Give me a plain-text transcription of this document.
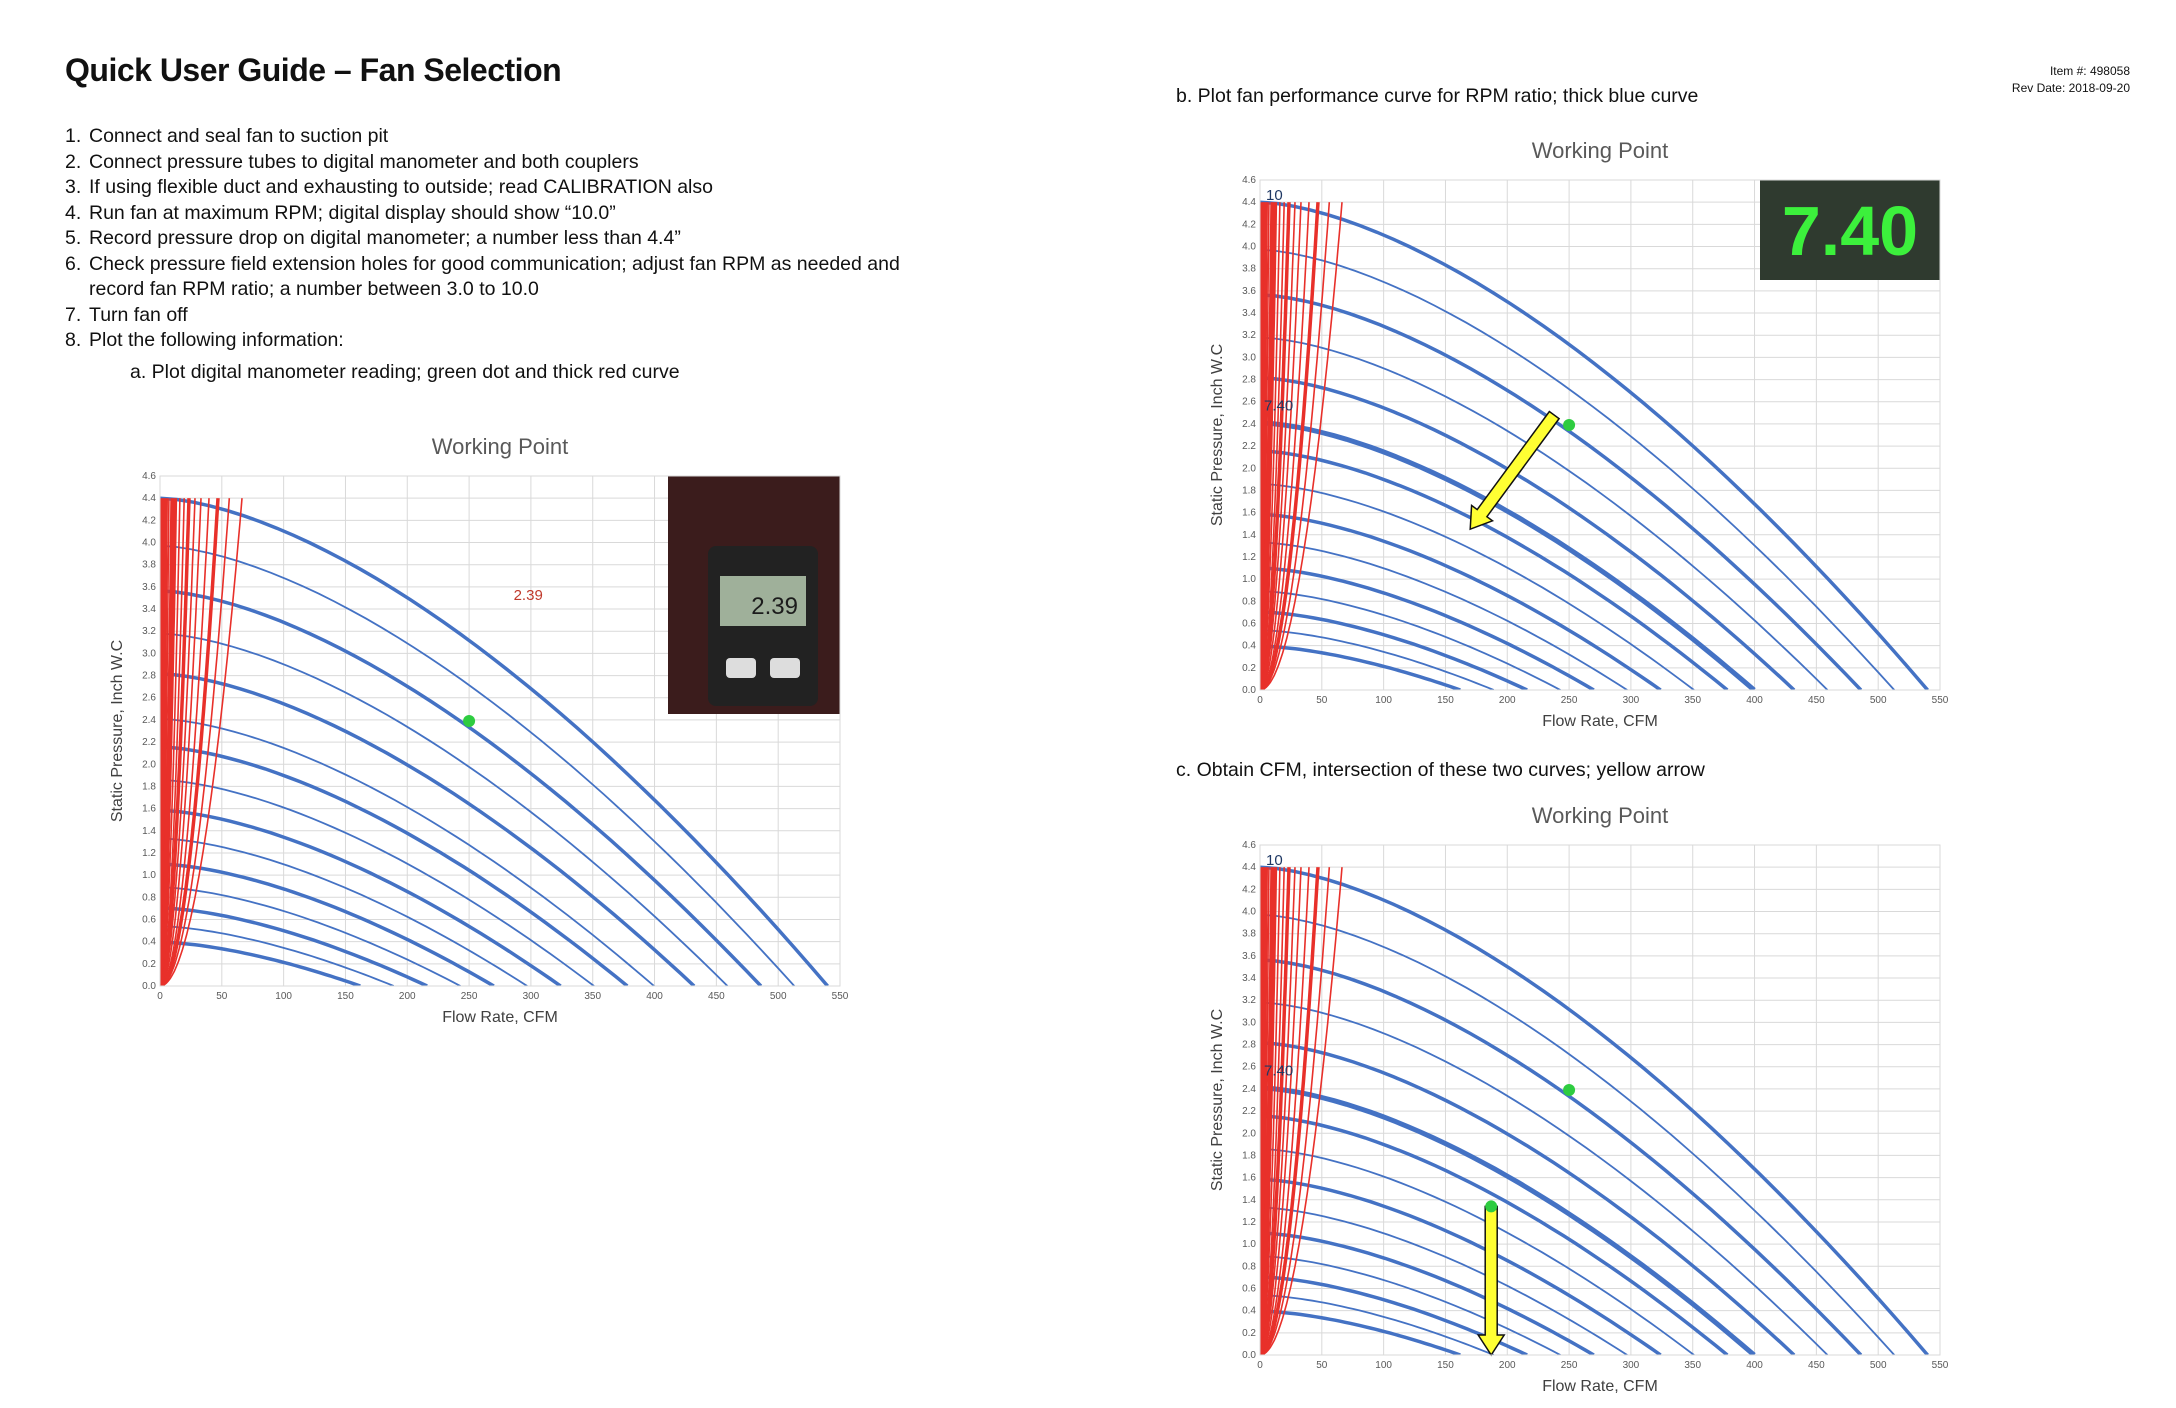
Quick User Guide – Fan Selection	Item #: 498058
Rev Date: 2018-09-20
1. Connect and seal fan to suction pit
2. Connect pressure tubes to digital manometer and both couplers
3. If using flexible duct and exhausting to outside; read CALIBRATION also
4. Run fan at maximum RPM; digital display should show “10.0”
5. Record pressure drop on digital manometer; a number less than 4.4”
6. Check pressure field extension holes for good communication; adjust fan RPM as needed and record fan RPM ratio; a number between 3.0 to 10.0
7. Turn fan off
8. Plot the following information:
a. Plot digital manometer reading; green dot and thick red curve
b. Plot fan performance curve for RPM ratio; thick blue curve
c. Obtain CFM, intersection of these two curves; yellow arrow
Working Point
0	50	100	150	200	250	300	350	400	450	500	550
0.0
0.2
0.4
0.6
0.8
1.0
1.2
1.4
1.6
1.8
2.0
2.2
2.4
2.6
2.8
3.0
3.2
3.4
3.6
3.8
4.0
4.2
4.4
4.6
Flow Rate, CFM
Static Pressure, Inch W.C
2.39	2.39
Working Point
0	50	100	150	200	250	300	350	400	450	500	550
0.0
0.2
0.4
0.6
0.8
1.0
1.2
1.4
1.6
1.8
2.0
2.2
2.4
2.6
2.8
3.0
3.2
3.4
3.6
3.8
4.0
4.2
4.4
4.6
Flow Rate, CFM
Static Pressure, Inch W.C
10
7.40
7.40
Working Point
0	50	100	150	200	250	300	350	400	450	500	550
0.0
0.2
0.4
0.6
0.8
1.0
1.2
1.4
1.6
1.8
2.0
2.2
2.4
2.6
2.8
3.0
3.2
3.4
3.6
3.8
4.0
4.2
4.4
4.6
Flow Rate, CFM
Static Pressure, Inch W.C
10
7.40
